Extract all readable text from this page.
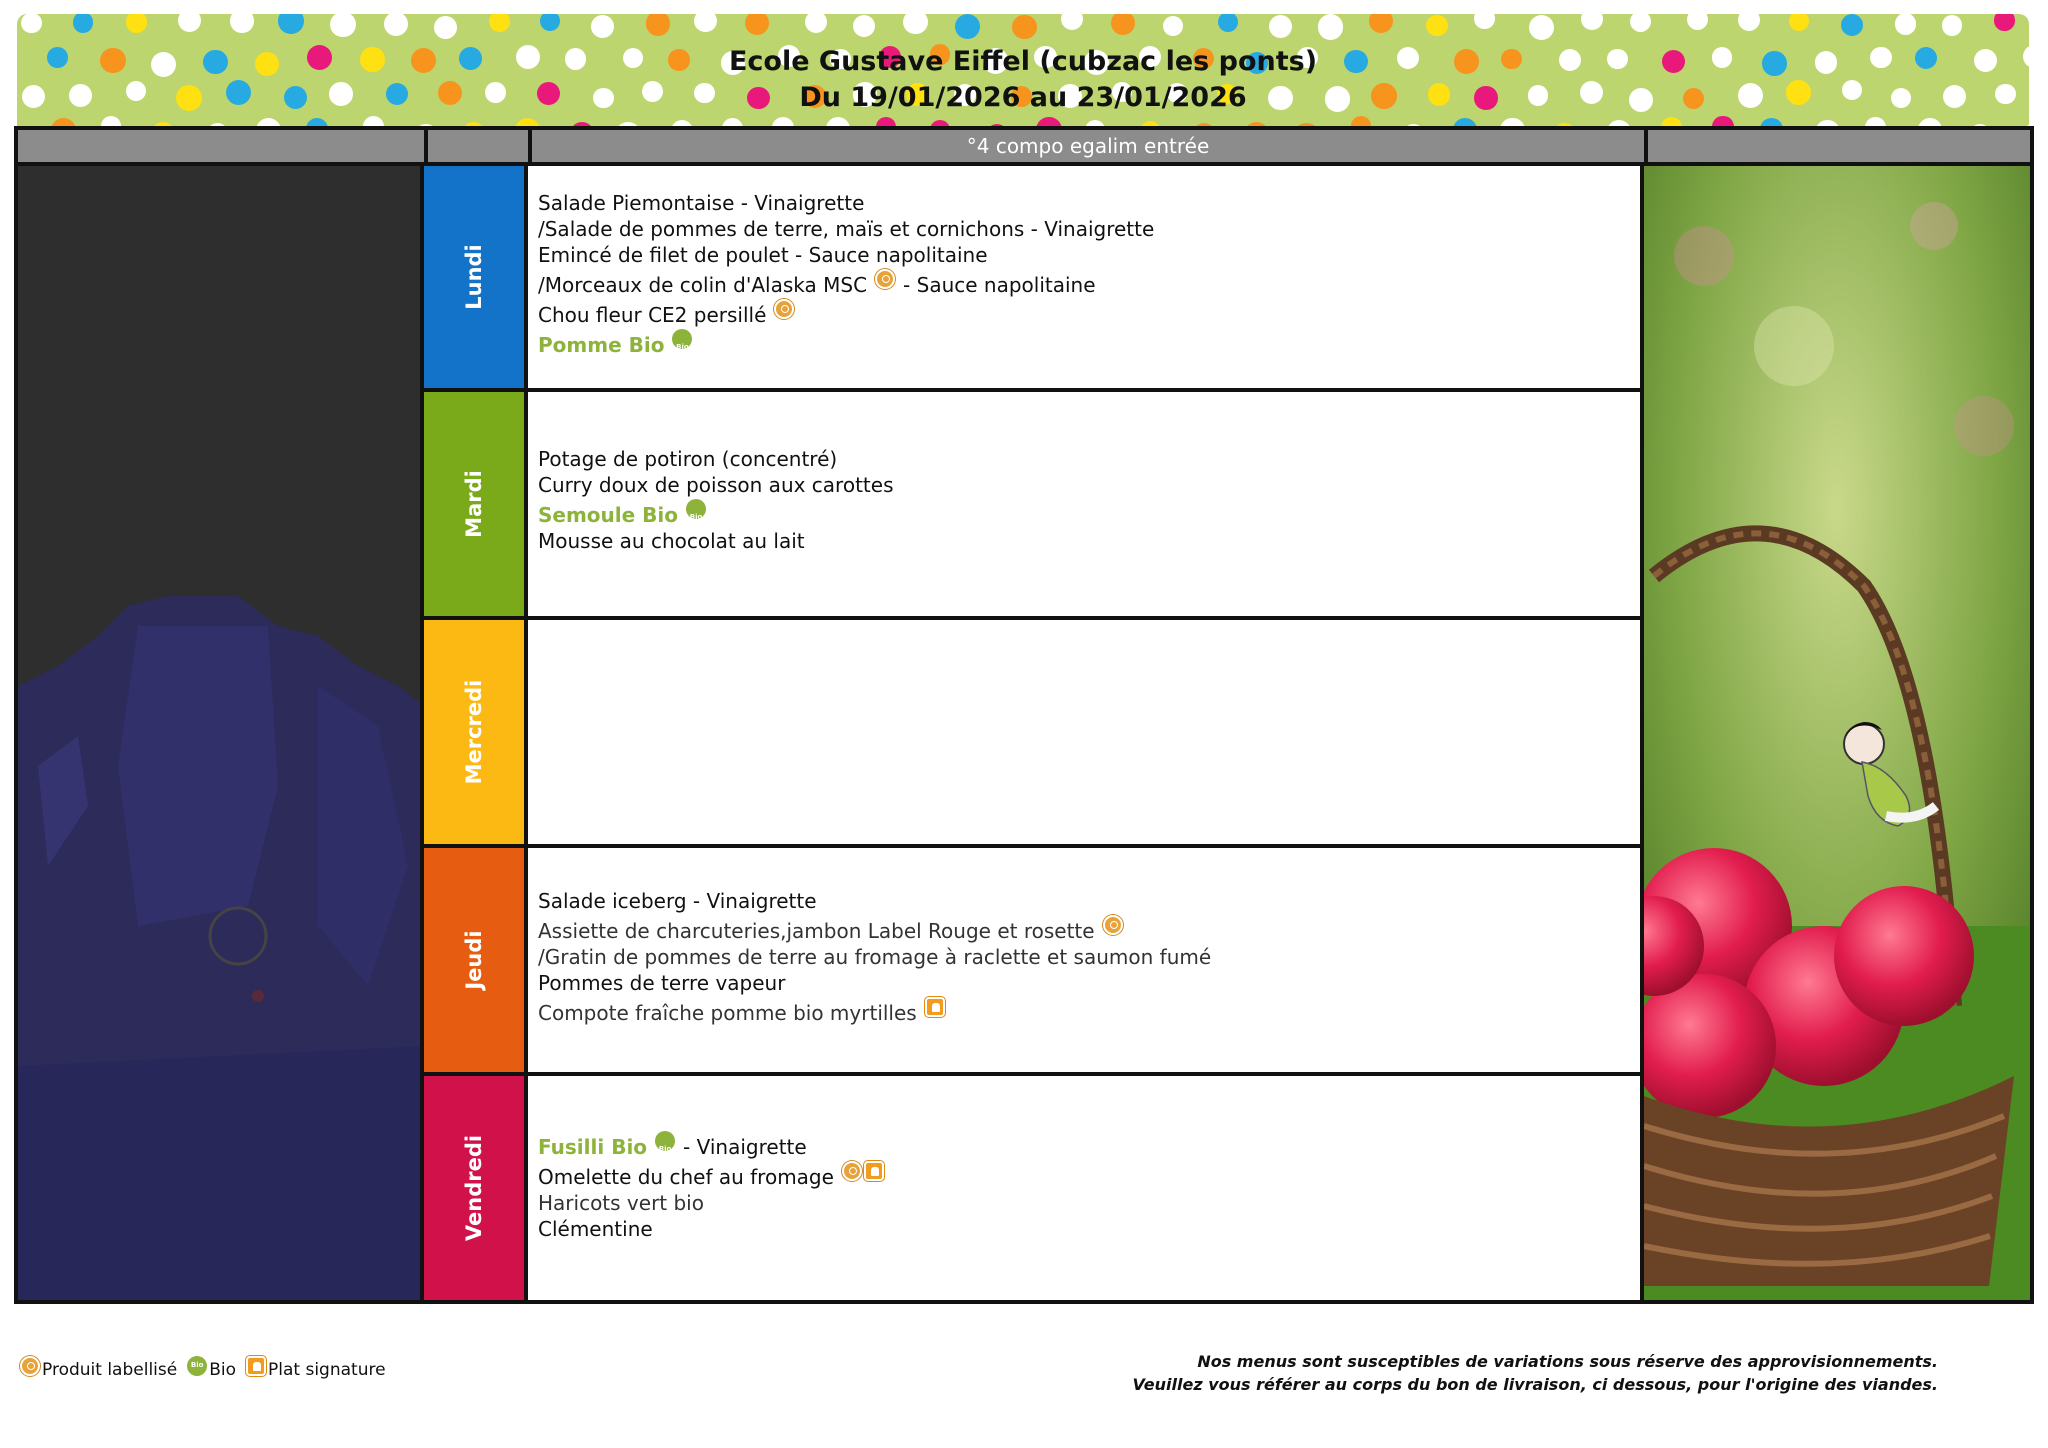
Ecole Gustave Eiffel (cubzac les ponts)
Du 19/01/2026 au 23/01/2026
°4 compo egalim entrée
Lundi
Mardi
Mercredi
Jeudi
Vendredi
Salade Piemontaise - Vinaigrette
/Salade de pommes de terre, maïs et cornichons - Vinaigrette
Emincé de filet de poulet - Sauce napolitaine
/Morceaux de colin d'Alaska MSC - Sauce napolitaine
Chou fleur CE2 persillé
Pomme Bio
Bio
Potage de potiron (concentré)
Curry doux de poisson aux carottes
Semoule Bio
Bio
Mousse au chocolat au lait
Salade iceberg - Vinaigrette
Assiette de charcuteries,jambon Label Rouge et rosette
/Gratin de pommes de terre au fromage à raclette et saumon fumé
Pommes de terre vapeur
Compote fraîche pomme bio myrtilles
Fusilli Bio Bio - Vinaigrette
Omelette du chef au fromage
Haricots vert bio
Clémentine
Produit labellisé Bio Bio Plat signature	Nos menus sont susceptibles de variations sous réserve des approvisionnements.
Veuillez vous référer au corps du bon de livraison, ci dessous, pour l'origine des viandes.
